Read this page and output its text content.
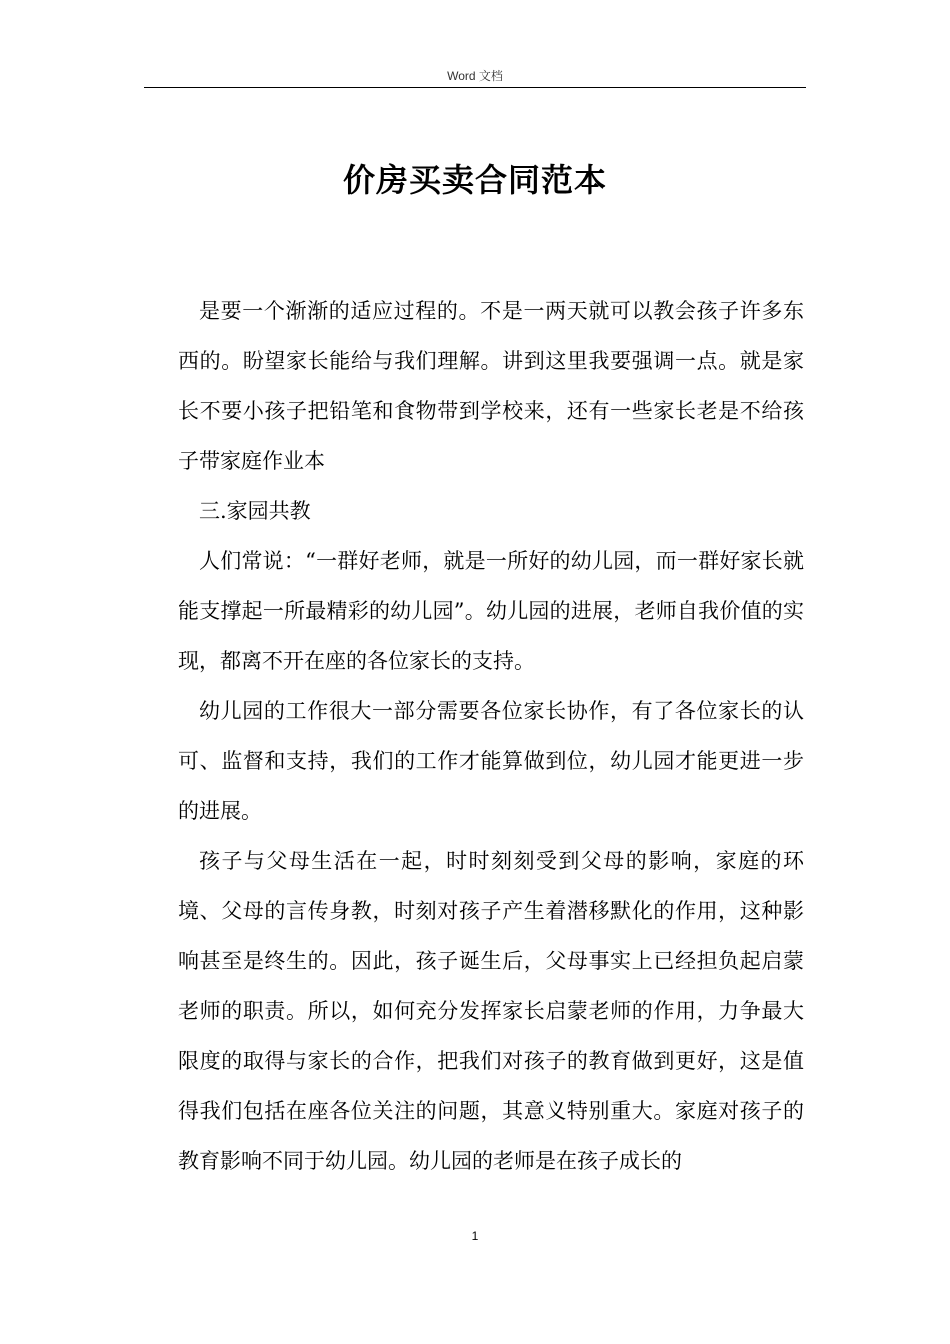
Word 文档
价房买卖合同范本

是要一个渐渐的适应过程的。不是一两天就可以教会孩子许多东西的。盼望家长能给与我们理解。讲到这里我要强调一点。就是家长不要小孩子把铅笔和食物带到学校来，还有一些家长老是不给孩子带家庭作业本

三.家园共教

人们常说：“一群好老师，就是一所好的幼儿园，而一群好家长就能支撑起一所最精彩的幼儿园”。幼儿园的进展，老师自我价值的实现，都离不开在座的各位家长的支持。

幼儿园的工作很大一部分需要各位家长协作，有了各位家长的认可、监督和支持，我们的工作才能算做到位，幼儿园才能更进一步的进展。

孩子与父母生活在一起，时时刻刻受到父母的影响，家庭的环境、父母的言传身教，时刻对孩子产生着潜移默化的作用，这种影响甚至是终生的。因此，孩子诞生后，父母事实上已经担负起启蒙老师的职责。所以，如何充分发挥家长启蒙老师的作用，力争最大限度的取得与家长的合作，把我们对孩子的教育做到更好，这是值得我们包括在座各位关注的问题，其意义特别重大。家庭对孩子的教育影响不同于幼儿园。幼儿园的老师是在孩子成长的

1
